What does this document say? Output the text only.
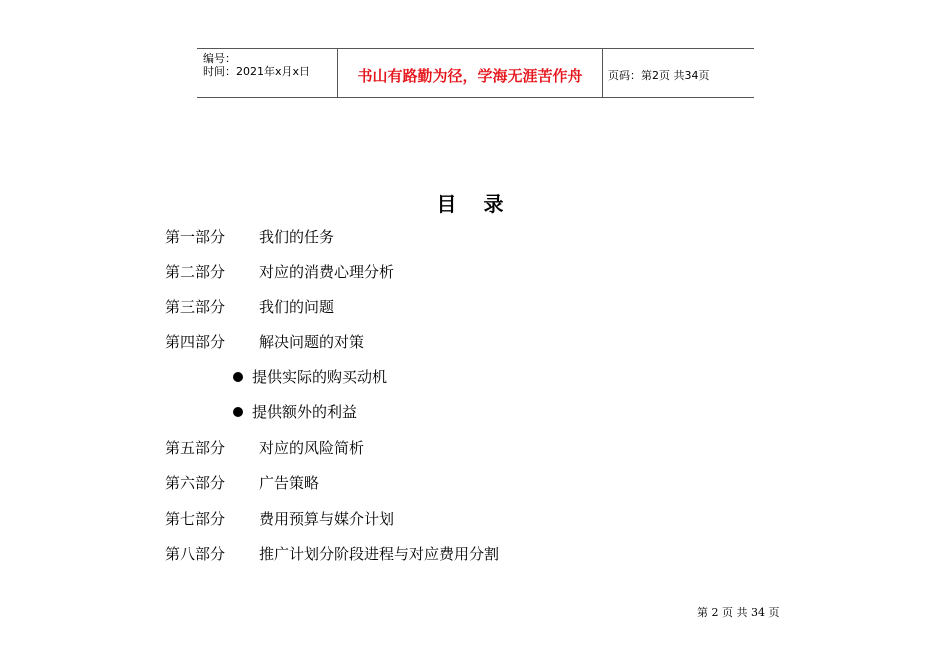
编号：
时间：2021年x月x日	书山有路勤为径，学海无涯苦作舟	页码：第2页 共34页
目 录
第一部分 我们的任务
第二部分 对应的消费心理分析
第三部分 我们的问题
第四部分 解决问题的对策
提供实际的购买动机
提供额外的利益
第五部分 对应的风险简析
第六部分 广告策略
第七部分 费用预算与媒介计划
第八部分 推广计划分阶段进程与对应费用分割
第 2 页 共 34 页
